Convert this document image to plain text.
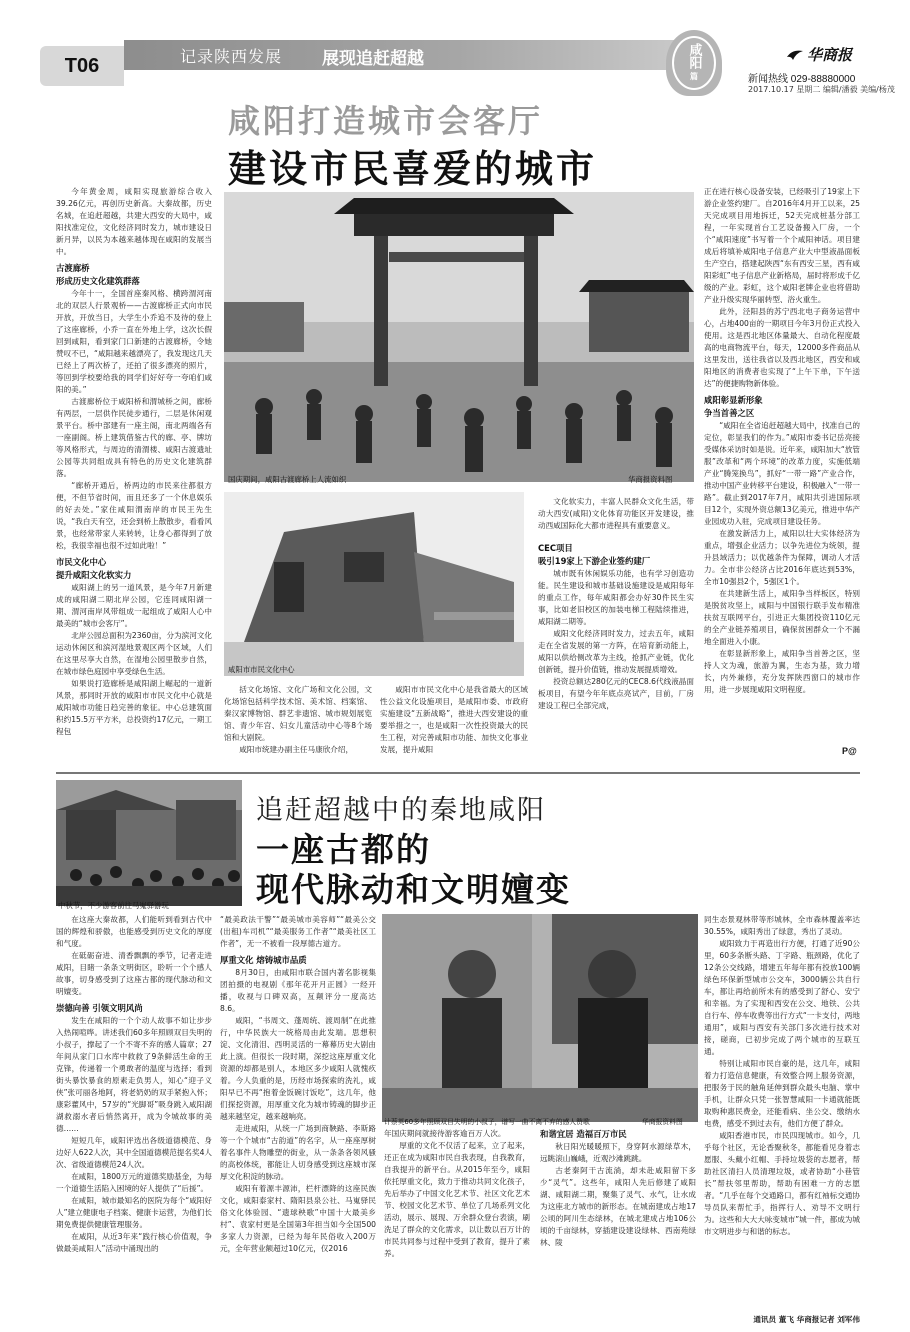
T06	记录陕西发展 展现追赶超越	咸阳
篇
华商报
新闻热线 029-88880000
2017.10.17 星期二 编辑/潘毅 美编/杨茂
咸阳打造城市会客厅
建设市民喜爱的城市

今年黄金周，咸阳实现旅游综合收入39.26亿元，再创历史新高。大秦故都，历史名城，在追赶超越，共建大西安的大局中，咸阳找准定位，文化经济同时发力，城市建设日新月异，以民为本越来越体现在咸阳的发展当中。

古渡廊桥
形成历史文化建筑群落

今年十一，全国首座秦风格、横跨渭河南北的双层人行景观桥——古渡廊桥正式向市民开放，开放当日，大学生小乔追不及待的登上了这座廊桥，小乔一直在外地上学，这次长假回到咸阳，看到家门口新建的古渡廊桥，令她赞叹不已，“咸阳越来越漂亮了，我发现这几天已经上了两次桥了，还拍了很多漂亮的照片，等回到学校要给我的同学们好好夸一夸咱们咸阳的美。”

古渡廊桥位于咸阳桥和渭城桥之间，廊桥有两层，一层供作民徒步通行，二层是休闲观景平台。桥中部建有一座主阁，南北两端各有一座副阁。桥上建筑借鉴古代的廊、亭、牌坊等风格形式，与周边的清渭楼、咸阳古渡遗址公园等共同组成具有特色的历史文化建筑群落。

“廊桥开通后，桥两边的市民来往都很方便，不但节省时间，而且还多了一个休息娱乐的好去处。”家住咸阳渭南岸的市民王先生说，“我白天有空，还会到桥上散散步，看看风景，也经常带家人来转转，让身心都得到了放松，我很幸福也很不过如此啦！”

市民文化中心
提升咸阳文化软实力

咸阳湖上的另一道风景，是今年7月新建成的咸阳湖二期北岸公园，它连同咸阳湖一期、渭河南岸风带组成一起组成了咸阳人心中最美的“城市会客厅”。

北岸公园总面积为2360亩，分为滨河文化运动休闲区和滨河湿地景观区两个区域，人们在这里尽享大自然，在湿地公园里散步自然，在城市绿色庭园中享受绿色生活。

如果说打造廊桥是咸阳湖上崛起的一道新风景，那同时开放的咸阳市市民文化中心就是咸阳城市功能日趋完善的象征。中心总建筑面积约15.5万平方米，总投资约17亿元，一期工程包

国庆期间，咸阳古渡廊桥上人流如织	华商报资料图
咸阳市市民文化中心

括文化场馆、文化广场和文化公园，文化场馆包括科学技术馆、美术馆、档案馆、秦汉家博物馆、群艺非遗馆、城市规划展览馆、青少年宫、妇女儿童活动中心等8个场馆和大剧院。

咸阳市统建办副主任马康欣介绍，

咸阳市市民文化中心是我省最大的区域性公益文化设施项目，是咸阳市委、市政府实施建设“五新战略”，推进大西安建设的重要举措之一，也是咸阳一次性投资最大的民生工程，对完善咸阳市功能、加快文化事业发展，提升咸阳

文化软实力，丰富人民群众文化生活，带动大西安(咸阳)文化体育功能区开发建设，推动西咸国际化大都市进程具有重要意义。

CEC项目
吸引19家上下游企业签约建厂

城市既有休闲娱乐功能，也有学习创造功能。民生建设和城市基础设施建设是咸阳每年的重点工作，每年咸阳都会办好30件民生实事，比如老旧校区的加装电梯工程陆续推进，咸阳湖二期等。

咸阳文化经济同时发力，过去五年，咸阳走在全省发展的第一方阵，在培育新动能上，咸阳以供给侧改革为主线，抢抓产业链，优化创新链，提升价值链，推动发展提质增效。

投资总额达280亿元的CEC8.6代线液晶面板项目，有望今年年底点亮试产，目前，厂房建设工程已全部完成，

正在进行核心设备安装，已经吸引了19家上下游企业签约建厂。自2016年4月开工以来，25天完成项目用地拆迁，52天完成桩基分部工程，一年实现首台工艺设备搬入厂房，一个个“咸阳速度”书写着一个个咸阳神话。项目建成后将填补咸阳电子信息产业大中型液晶面板生产空白，搭建起陕西“东有西安三星，西有咸阳彩虹”电子信息产业新格局，届时将形成千亿级的产业。彩虹，这个咸阳老牌企业也将借助产业升级实现华丽转型、浴火重生。

此外，泾阳县的苏宁西北电子商务运营中心，占地400亩的一期项目今年3月份正式投入使用。这是西北地区体量最大、自动化程度最高的电商物流平台，每天，12000多件商品从这里发出，送往我省以及西北地区，西安和咸阳地区的消费者也实现了“上午下单，下午送达”的便捷购物新体验。

咸阳彰显新形象
争当首善之区

“咸阳在全省追赶超越大局中，找准自己的定位，彰显我们的作为。”咸阳市委书记岳亮接受媒体采访时如是说。近年来，咸阳加大“放管服”改革和“两个环境”的改革力度，实施低端产业“腾笼换鸟”，抓好“一带一路”产业合作，推动中国产业转移平台建设，积极融入“一带一路”。截止到2017年7月，咸阳共引进国际项目12个，实现外资总额13亿美元，推进中华产业园成功入驻，完成项目建设任务。

在激发新活力上，咸阳以壮大实体经济为重点，增强企业活力；以争先进位为统领，提升县域活力；以优越条件为保障，调动人才活力。全市非公经济占比2016年底达到53%，全市10强县2个，5强区1个。

在共建新生活上，咸阳争当样板区，特别是脱贫攻坚上，咸阳与中国银行联手发布精准扶贫互联网平台，引进正大集团投资110亿元的全产业链养殖项目，确保贫困群众一个不漏地全面进入小康。

在彰显新形象上，咸阳争当首善之区，坚持人文为魂，旅游为翼，生态为基，致力增长，内外兼修，充分发挥陕西窗口的城市作用，进一步展现咸阳文明程度。

P@
中秋节，不少游客前往马嵬驿游玩
追赶超越中的秦地咸阳
一座古都的
现代脉动和文明嬗变

在这座大秦故都，人们能听到看到古代中国的辉煌和骄傲，也能感受到历史文化的厚度和气度。

在砥砺奋进、清香飘飘的季节，记者走进咸阳，目睹一条条文明街区，聆听一个个感人故事，切身感受到了这座古都的现代脉动和文明嬗变。

崇德向善 引领文明风尚

发生在咸阳的一个个动人故事不如让步步入热闹喧哗。讲述我们60多年照顾双目失明的小叔子，撑起了一个不寄不弃的感人篇章；27年间从家门口水库中救救了9条鲜活生命的王克锋，传递着一个勇敢者的温度与选择；看到街头暴饮暴食的原素走负男人，知心“迎子义侠”张可丽各地阿，将老奶奶的双手紧抱入怀；康彩藿风中，57岁的“光脚哥”吸身跳入咸阳湖湖救溺水者后悄然离开，成为令城故事的美德……

短短几年，咸阳评选出各级道德模范、身边好人622人次，其中全国道德模范提名奖4人次、省级道德模范24人次。

在咸阳，1800万元的道德奖励基金，为每一个道德生活陷入困境的好人提供了“后援”。

在咸阳，城市最知名的医院为每个“咸阳好人”建立健康电子档案、健康卡运营，为他们长期免费提供健康管理服务。

在咸阳，从近3年来“践行核心价值观，争做最美咸阳人”活动中涌现出的

“最美政法干警”“最美城市美容师”“最美公交(出租)车司机”“最美服务工作者”“最美社区工作者”，无一不被看一段厚德古道方。

厚重文化 熔铸城市品质

8月30日，由咸阳市联合国内著名影视集团拍摄的电视剧《那年花开月正圆》一经开播，收视与口碑双高，亙颠评分一度高达8.6。

咸阳，“书周文、蓬周统、渡周制”在此推行，中华民族大一统格局由此发端。思想积淀、文化清泪、西明灵活的一幕幕历史大剧由此上演。但很长一段时期，深挖这座厚重文化资源的却都是别人，本地区多少咸阳人就愧疚着。今人负重的是，历经市场探索的洗礼，咸阳早已不再“抱着金饭碗讨饭吃”，这几年，他们探挖资源，用厚重文化为城市铸魂的脚步正越来越坚定，越来越响亮。

走进咸阳，从统一广场到商鞅路、李斯路等一个个城市“古韵道”的名字，从一座座厚树着名事件人物雕塑的街业，从一条条各领风骚的高校体统，都能让人切身感受到这座城市深厚文化积淀的脉动。

咸阳有着源丰源沛，栏杆漂降的这座民族文化，咸阳泰家村、隋阳县泉公社、马嵬驿民俗文化体验园、“遗球秧歌”中国十大最美乡村”、袁家村更是全国第3年担当如今全国500多家人力资源，已经为每年民俗收入200万元，全年营业额超过10亿元，仅2016

计萘英60多年照顾双目失明的小叔子，谱写一曲不离不弃的感人赞歌	华商报资料图

年国庆期间就接待游客逾百万人次。

厚重的文化不仅活了起来，立了起来，还正在成为咸阳市民自我表现，自我教育，自我提升的新平台。从2015年至今，咸阳依托厚重文化，致力于推动共同文化孩子，先后举办了中国文化艺术节、社区文化艺术节、校园文化艺术节、单位了几场系列文化活动，展示、展现、万余群众登台表演，刷洗足了群众的文化需求，以让数以百万计的市民共同参与过程中受到了教育，提升了素养。

和谐宜居 造福百万市民

秋日阳光暖暖照下，身穿阿水源绿草木，远眺滚山巍峨，近观沙滩跳跳。

古老秦阿干古流淌，却未赴咸阳留下多少“灵气”。这些年，咸阳人先后修建了咸阳湖、咸阳湖二期，聚集了灵气、水气，让水成为这座北方城市的新形态。在城南建成占地17公顷的阿川生态绿林，在城北建成占地106公顷的千亩绿林，穿插建设建设绿林、西南苑绿林、陵

同生态景观林带等形城林，全市森林覆盖率达30.55%，咸阳秀出了绿意，秀出了灵动。

咸阳致力于再造出行方便，打通了近90公里，60多条断头路、丁字路、瓶颈路，优化了12条公交线路，增建五年每年都有投放100辆绿色环保新型城市公交车，3000辆公共自行车，都让再给前所未有的感受到了舒心、安宁和幸福。为了实现和西安在公交、地铁、公共自行车、停车收费等出行方式“一卡支付，两地通用”，咸阳与西安有关部门多次进行技术对接，磋商，已初步完成了两个城市的互联互通。

特别让咸阳市民自豪的是，这几年，咸阳着力打造信息健康，有效整合网上服务资源，把服务于民的触角延伸到群众最头电脑、掌中手机，让群众只凭一张智慧咸阳一卡通就能既取购种惠民费金，还能看病、坐公交、缴纳水电费，感受不到过去有，他们方便了群众。

咸阳香港市民，市民四现城市。如今，几乎每个社区，无论香聚秋冬，都能看见身着志愿服、头戴小红帽、手持垃圾袋的志愿者，帮助社区清扫人员清理垃圾，或者协助“小巷管长”帮扶邻里帮助，帮助有困难一方的志愿者。“几乎在每个交通路口，都有红袖标交通协导员队来帮忙手，指挥行人、劝导不文明行为。这些和大大大咏变城市”城一件，都成为城市文明进步与和谐的标志。

通讯员 董飞 华商报记者 刘军伟
